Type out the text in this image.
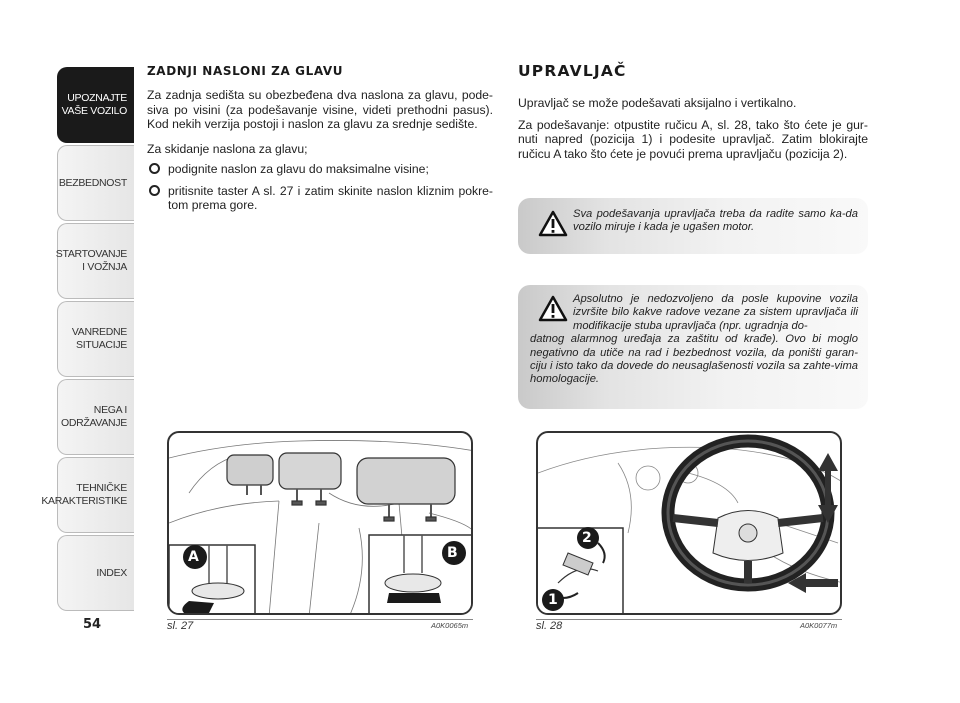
UPOZNAJTE
VAŠE VOZILO
BEZBEDNOST
STARTOVANJE
I VOŽNJA
VANREDNE
SITUACIJE
NEGA I
ODRŽAVANJE
TEHNIČKE
KARAKTERISTIKE
INDEX
54
ZADNJI NASLONI ZA GLAVU

Za zadnja sedišta su obezbeđena dva naslona za glavu, pode-siva po visini (za podešavanje visine, videti prethodni pasus). Kod nekih verzija postoji i naslon za glavu za srednje sedište.

Za skidanje naslona za glavu;

podignite naslon za glavu do maksimalne visine;
pritisnite taster A sl. 27 i zatim skinite naslon kliznim pokre-tom prema gore.
UPRAVLJAČ

Upravljač se može podešavati aksijalno i vertikalno.

Za podešavanje: otpustite ručicu A, sl. 28, tako što ćete je gur-nuti napred (pozicija 1) i podesite upravljač. Zatim blokirajte ručicu A tako što ćete je povući prema upravljaču (pozicija 2).

Sva podešavanja upravljača treba da radite samo ka-da vozilo miruje i kada je ugašen motor.
Apsolutno je nedozvoljeno da posle kupovine vozila izvršite bilo kakve radove vezane za sistem upravljača ili modifikacije stuba upravljača (npr. ugradnja do-
datnog alarmnog uređaja za zaštitu od krađe). Ovo bi moglo negativno da utiče na rad i bezbednost vozila, da poništi garan-ciju i isto tako da dovede do neusaglašenosti vozila sa zahte-vima homologacije.
A	B
sl. 27	A0K0065m
2
1
sl. 28	A0K0077m
